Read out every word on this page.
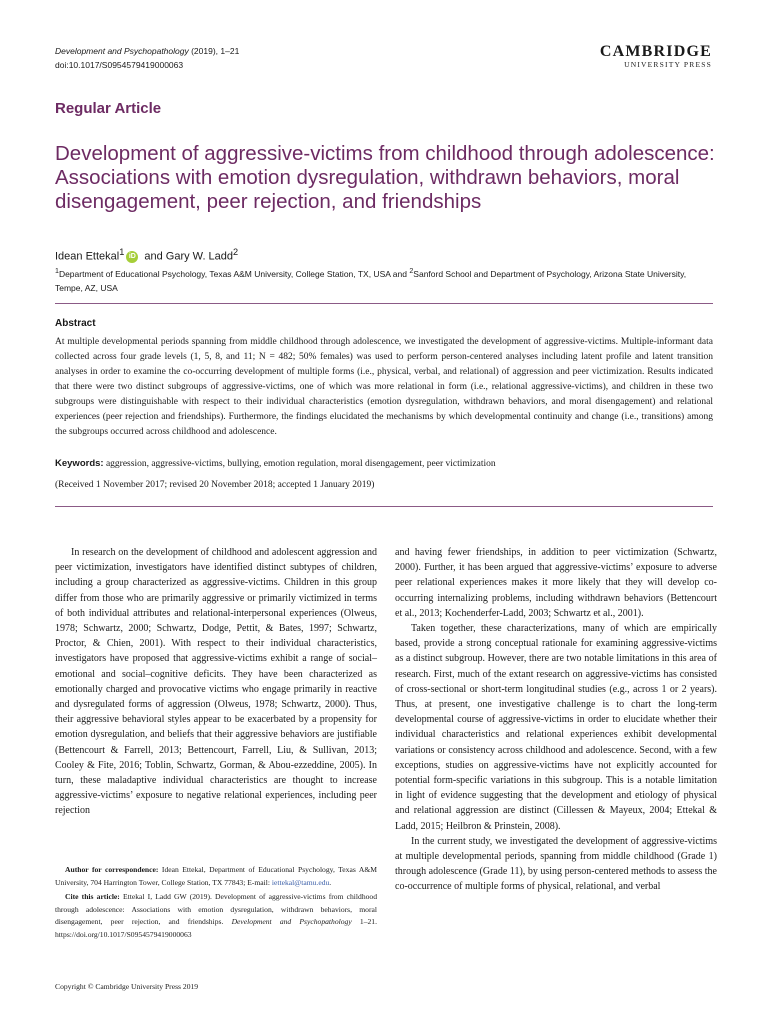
Development and Psychopathology (2019), 1–21
doi:10.1017/S0954579419000063
CAMBRIDGE
UNIVERSITY PRESS
Regular Article
Development of aggressive-victims from childhood through adolescence: Associations with emotion dysregulation, withdrawn behaviors, moral disengagement, peer rejection, and friendships
Idean Ettekal$^1$ iD and Gary W. Ladd$^2$
$^1$Department of Educational Psychology, Texas A&M University, College Station, TX, USA and $^2$Sanford School and Department of Psychology, Arizona State University, Tempe, AZ, USA
Abstract
At multiple developmental periods spanning from middle childhood through adolescence, we investigated the development of aggressive-victims. Multiple-informant data collected across four grade levels (1, 5, 8, and 11; N = 482; 50% females) was used to perform person-centered analyses including latent profile and latent transition analyses in order to examine the co-occurring development of multiple forms (i.e., physical, verbal, and relational) of aggression and peer victimization. Results indicated that there were two distinct subgroups of aggressive-victims, one of which was more relational in form (i.e., relational aggressive-victims), and children in these two subgroups were distinguishable with respect to their individual characteristics (emotion dysregulation, withdrawn behaviors, and moral disengagement) and relational experiences (peer rejection and friendships). Furthermore, the findings elucidated the mechanisms by which developmental continuity and change (i.e., transitions) among the subgroups occurred across childhood and adolescence.
Keywords: aggression, aggressive-victims, bullying, emotion regulation, moral disengagement, peer victimization
(Received 1 November 2017; revised 20 November 2018; accepted 1 January 2019)

In research on the development of childhood and adolescent aggression and peer victimization, investigators have identified distinct subtypes of children, including a group characterized as aggressive-victims. Children in this group differ from those who are primarily aggressive or primarily victimized in terms of both individual attributes and relational-interpersonal experiences (Olweus, 1978; Schwartz, 2000; Schwartz, Dodge, Pettit, & Bates, 1997; Schwartz, Proctor, & Chien, 2001). With respect to their individual characteristics, investigators have proposed that aggressive-victims exhibit a range of social–emotional and social–cognitive deficits. They have been characterized as emotionally charged and provocative victims who engage primarily in reactive and dysregulated forms of aggression (Olweus, 1978; Schwartz, 2000). Thus, their aggressive behavioral styles appear to be exacerbated by a propensity for emotion dysregulation, and beliefs that their aggressive behaviors are justifiable (Bettencourt & Farrell, 2013; Bettencourt, Farrell, Liu, & Sullivan, 2013; Cooley & Fite, 2016; Toblin, Schwartz, Gorman, & Abou-ezzeddine, 2005). In turn, these maladaptive individual characteristics are thought to increase aggressive-victims’ exposure to negative relational experiences, including peer rejection

and having fewer friendships, in addition to peer victimization (Schwartz, 2000). Further, it has been argued that aggressive-victims’ exposure to adverse peer relational experiences makes it more likely that they will develop co-occurring internalizing problems, including withdrawn behaviors (Bettencourt et al., 2013; Kochenderfer-Ladd, 2003; Schwartz et al., 2001).

Taken together, these characterizations, many of which are empirically based, provide a strong conceptual rationale for examining aggressive-victims as a distinct subgroup. However, there are two notable limitations in this area of research. First, much of the extant research on aggressive-victims has consisted of cross-sectional or short-term longitudinal studies (e.g., across 1 or 2 years). Thus, at present, one investigative challenge is to chart the long-term developmental course of aggressive-victims in order to elucidate whether their individual characteristics and relational experiences exhibit developmental variations or consistency across childhood and adolescence. Second, with a few exceptions, studies on aggressive-victims have not explicitly accounted for potential form-specific variations in this subgroup. This is a notable limitation in light of evidence suggesting that the development and etiology of physical and relational aggression are distinct (Cillessen & Mayeux, 2004; Ettekal & Ladd, 2015; Heilbron & Prinstein, 2008).

In the current study, we investigated the development of aggressive-victims at multiple developmental periods, spanning from middle childhood (Grade 1) through adolescence (Grade 11), by using person-centered methods to assess the co-occurrence of multiple forms of physical, relational, and verbal

Author for correspondence: Idean Ettekal, Department of Educational Psychology, Texas A&M University, 704 Harrington Tower, College Station, TX 77843; E-mail: iettekal@tamu.edu.

Cite this article: Ettekal I, Ladd GW (2019). Development of aggressive-victims from childhood through adolescence: Associations with emotion dysregulation, withdrawn behaviors, moral disengagement, peer rejection, and friendships. Development and Psychopathology 1–21. https://doi.org/10.1017/S0954579419000063

Copyright © Cambridge University Press 2019
